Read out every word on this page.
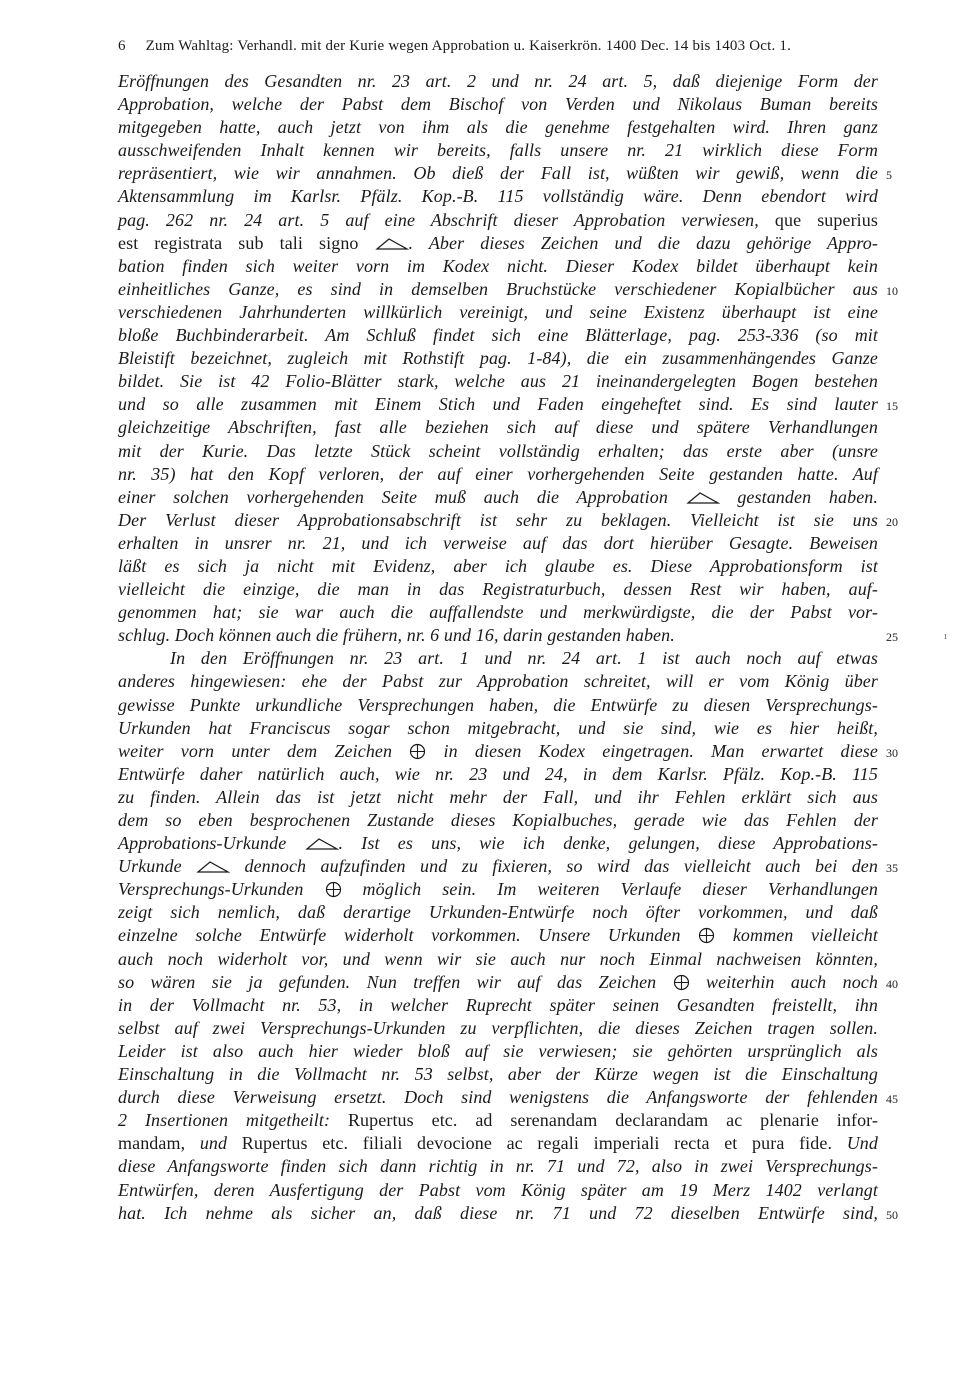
6 Zum Wahltag: Verhandl. mit der Kurie wegen Approbation u. Kaiserkrön. 1400 Dec. 14 bis 1403 Oct. 1.
Eröffnungen des Gesandten nr. 23 art. 2 und nr. 24 art. 5, daß diejenige Form der
Approbation, welche der Pabst dem Bischof von Verden und Nikolaus Buman bereits
mitgegeben hatte, auch jetzt von ihm als die genehme festgehalten wird. Ihren ganz
ausschweifenden Inhalt kennen wir bereits, falls unsere nr. 21 wirklich diese Form
repräsentiert, wie wir annahmen. Ob dieß der Fall ist, wüßten wir gewiß, wenn die
Aktensammlung im Karlsr. Pfälz. Kop.-B. 115 vollständig wäre. Denn ebendort wird
pag. 262 nr. 24 art. 5 auf eine Abschrift dieser Approbation verwiesen, que superius
est registrata sub tali signo . Aber dieses Zeichen und die dazu gehörige Appro-
bation finden sich weiter vorn im Kodex nicht. Dieser Kodex bildet überhaupt kein
einheitliches Ganze, es sind in demselben Bruchstücke verschiedener Kopialbücher aus
verschiedenen Jahrhunderten willkürlich vereinigt, und seine Existenz überhaupt ist eine
bloße Buchbinderarbeit. Am Schluß findet sich eine Blätterlage, pag. 253-336 (so mit
Bleistift bezeichnet, zugleich mit Rothstift pag. 1-84), die ein zusammenhängendes Ganze
bildet. Sie ist 42 Folio-Blätter stark, welche aus 21 ineinandergelegten Bogen bestehen
und so alle zusammen mit Einem Stich und Faden eingeheftet sind. Es sind lauter
gleichzeitige Abschriften, fast alle beziehen sich auf diese und spätere Verhandlungen
mit der Kurie. Das letzte Stück scheint vollständig erhalten; das erste aber (unsre
nr. 35) hat den Kopf verloren, der auf einer vorhergehenden Seite gestanden hatte. Auf
einer solchen vorhergehenden Seite muß auch die Approbation  gestanden haben.
Der Verlust dieser Approbationsabschrift ist sehr zu beklagen. Vielleicht ist sie uns
erhalten in unsrer nr. 21, und ich verweise auf das dort hierüber Gesagte. Beweisen
läßt es sich ja nicht mit Evidenz, aber ich glaube es. Diese Approbationsform ist
vielleicht die einzige, die man in das Registraturbuch, dessen Rest wir haben, auf-
genommen hat; sie war auch die auffallendste und merkwürdigste, die der Pabst vor-
schlug. Doch können auch die frühern, nr. 6 und 16, darin gestanden haben.
In den Eröffnungen nr. 23 art. 1 und nr. 24 art. 1 ist auch noch auf etwas
anderes hingewiesen: ehe der Pabst zur Approbation schreitet, will er vom König über
gewisse Punkte urkundliche Versprechungen haben, die Entwürfe zu diesen Versprechungs-
Urkunden hat Franciscus sogar schon mitgebracht, und sie sind, wie es hier heißt,
weiter vorn unter dem Zeichen  in diesen Kodex eingetragen. Man erwartet diese
Entwürfe daher natürlich auch, wie nr. 23 und 24, in dem Karlsr. Pfälz. Kop.-B. 115
zu finden. Allein das ist jetzt nicht mehr der Fall, und ihr Fehlen erklärt sich aus
dem so eben besprochenen Zustande dieses Kopialbuches, gerade wie das Fehlen der
Approbations-Urkunde . Ist es uns, wie ich denke, gelungen, diese Approbations-
Urkunde  dennoch aufzufinden und zu fixieren, so wird das vielleicht auch bei den
Versprechungs-Urkunden  möglich sein. Im weiteren Verlaufe dieser Verhandlungen
zeigt sich nemlich, daß derartige Urkunden-Entwürfe noch öfter vorkommen, und daß
einzelne solche Entwürfe widerholt vorkommen. Unsere Urkunden  kommen vielleicht
auch noch widerholt vor, und wenn wir sie auch nur noch Einmal nachweisen könnten,
so wären sie ja gefunden. Nun treffen wir auf das Zeichen  weiterhin auch noch
in der Vollmacht nr. 53, in welcher Ruprecht später seinen Gesandten freistellt, ihn
selbst auf zwei Versprechungs-Urkunden zu verpflichten, die dieses Zeichen tragen sollen.
Leider ist also auch hier wieder bloß auf sie verwiesen; sie gehörten ursprünglich als
Einschaltung in die Vollmacht nr. 53 selbst, aber der Kürze wegen ist die Einschaltung
durch diese Verweisung ersetzt. Doch sind wenigstens die Anfangsworte der fehlenden
2 Insertionen mitgetheilt: Rupertus etc. ad serenandam declarandam ac plenarie infor-
mandam, und Rupertus etc. filiali devocione ac regali imperiali recta et pura fide. Und
diese Anfangsworte finden sich dann richtig in nr. 71 und 72, also in zwei Versprechungs-
Entwürfen, deren Ausfertigung der Pabst vom König später am 19 Merz 1402 verlangt
hat. Ich nehme als sicher an, daß diese nr. 71 und 72 dieselben Entwürfe sind,
ı
5
10
15
20
25
30
35
40
45
50
